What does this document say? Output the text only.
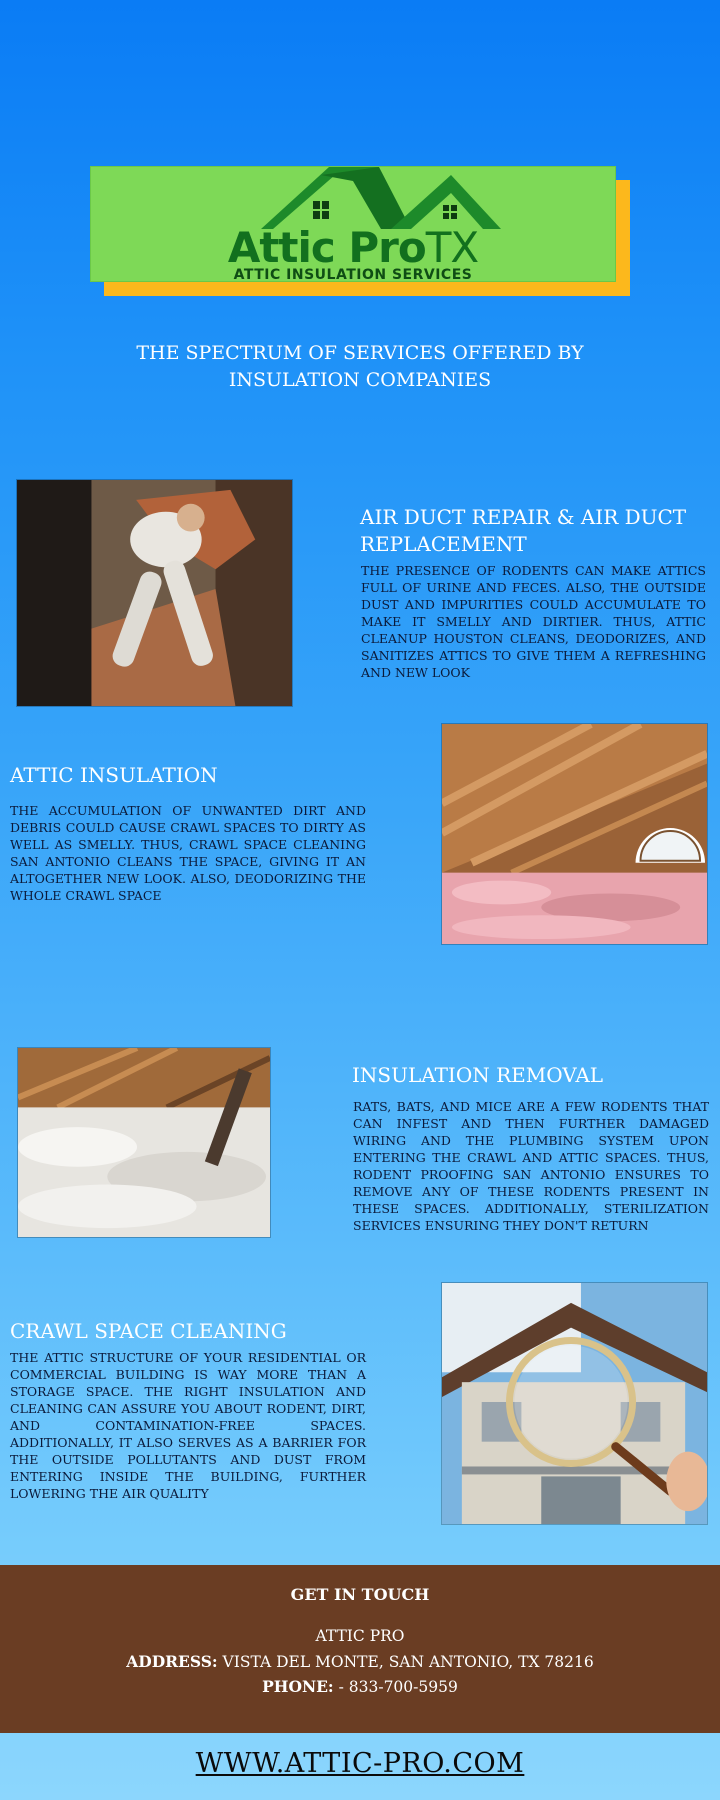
Attic ProTX
ATTIC INSULATION SERVICES
THE SPECTRUM OF SERVICES OFFERED BY INSULATION COMPANIES
AIR DUCT REPAIR & AIR DUCT REPLACEMENT
THE PRESENCE OF RODENTS CAN MAKE ATTICS FULL OF URINE AND FECES. ALSO, THE OUTSIDE DUST AND IMPURITIES COULD ACCUMULATE TO MAKE IT SMELLY AND DIRTIER. THUS, ATTIC CLEANUP HOUSTON CLEANS, DEODORIZES, AND SANITIZES ATTICS TO GIVE THEM A REFRESHING AND NEW LOOK
ATTIC INSULATION
THE ACCUMULATION OF UNWANTED DIRT AND DEBRIS COULD CAUSE CRAWL SPACES TO DIRTY AS WELL AS SMELLY. THUS, CRAWL SPACE CLEANING SAN ANTONIO CLEANS THE SPACE, GIVING IT AN ALTOGETHER NEW LOOK. ALSO, DEODORIZING THE WHOLE CRAWL SPACE
INSULATION REMOVAL
RATS, BATS, AND MICE ARE A FEW RODENTS THAT CAN INFEST AND THEN FURTHER DAMAGED WIRING AND THE PLUMBING SYSTEM UPON ENTERING THE CRAWL AND ATTIC SPACES. THUS, RODENT PROOFING SAN ANTONIO ENSURES TO REMOVE ANY OF THESE RODENTS PRESENT IN THESE SPACES. ADDITIONALLY, STERILIZATION SERVICES ENSURING THEY DON'T RETURN
CRAWL SPACE CLEANING
THE ATTIC STRUCTURE OF YOUR RESIDENTIAL OR COMMERCIAL BUILDING IS WAY MORE THAN A STORAGE SPACE. THE RIGHT INSULATION AND CLEANING CAN ASSURE YOU ABOUT RODENT, DIRT, AND CONTAMINATION-FREE SPACES. ADDITIONALLY, IT ALSO SERVES AS A BARRIER FOR THE OUTSIDE POLLUTANTS AND DUST FROM ENTERING INSIDE THE BUILDING, FURTHER LOWERING THE AIR QUALITY
GET IN TOUCH
ATTIC PRO
ADDRESS: VISTA DEL MONTE, SAN ANTONIO, TX 78216
PHONE: - 833-700-5959
WWW.ATTIC-PRO.COM
